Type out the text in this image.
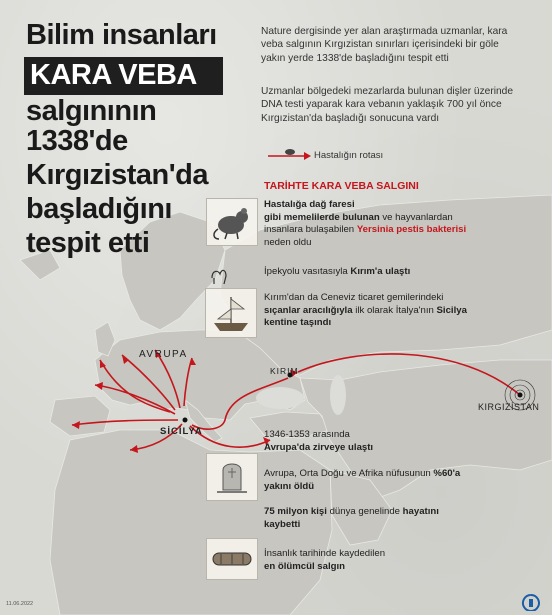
Bilim insanları
KARA VEBA
salgınının
1338'de
Kırgızistan'da
başladığını
tespit etti
Nature dergisinde yer alan araştırmada uzmanlar, kara veba salgının Kırgızistan sınırları içerisindeki bir göle yakın yerde 1338'de başladığını tespit etti
Uzmanlar bölgedeki mezarlarda bulunan dişler üzerinde DNA testi yaparak kara vebanın yaklaşık 700 yıl önce Kırgızistan'da başladığı sonucuna vardı
Hastalığın rotası
TARİHTE KARA VEBA SALGINI
Hastalığa dağ faresi
gibi memelilerde bulunan ve hayvanlardan insanlara bulaşabilen Yersinia pestis bakterisi neden oldu
İpekyolu vasıtasıyla Kırım'a ulaştı
Kırım'dan da Ceneviz ticaret gemilerindeki sıçanlar aracılığıyla ilk olarak İtalya'nın Sicilya kentine taşındı
1346-1353 arasında
Avrupa'da zirveye ulaştı
Avrupa, Orta Doğu ve Afrika nüfusunun %60'a yakını öldü
75 milyon kişi dünya genelinde hayatını kaybetti
İnsanlık tarihinde kaydedilen
en ölümcül salgın
AVRUPA
KIRIM
SİCİLYA
KIRGIZİSTAN
11.06.2022
